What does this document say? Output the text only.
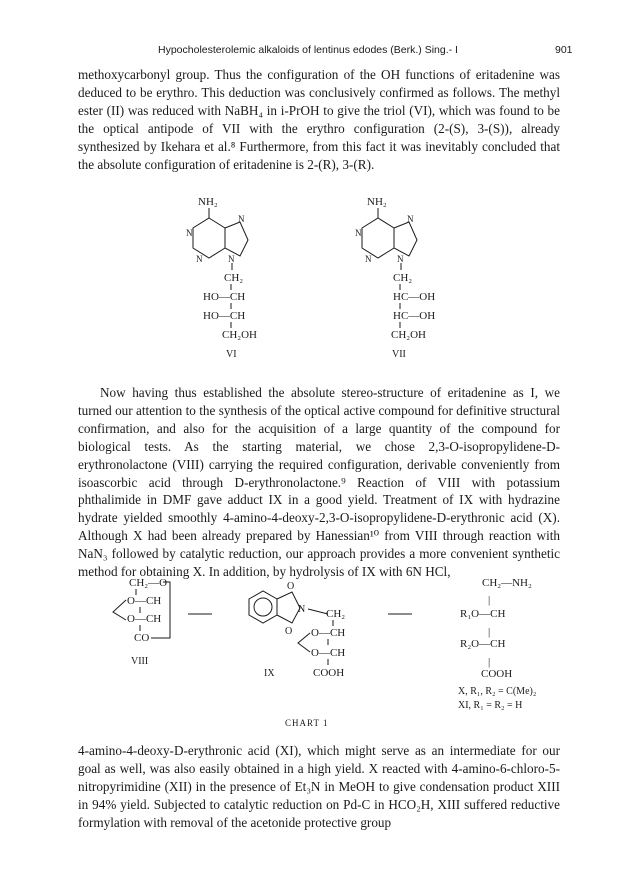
Hypocholesterolemic alkaloids of lentinus edodes (Berk.) Sing.- I	901

methoxycarbonyl group. Thus the configuration of the OH functions of eritadenine was deduced to be erythro. This deduction was conclusively confirmed as follows. The methyl ester (II) was reduced with NaBH₄ in i-PrOH to give the triol (VI), which was found to be the optical antipode of VII with the erythro configuration (2-(S), 3-(S)), already synthesized by Ikehara et al.⁸ Furthermore, from this fact it was inevitably concluded that the absolute configuration of eritadenine is 2-(R), 3-(R).

NH₂
N
N
N
N
CH₂
HO—CH
HO—CH
CH₂OH
VI
NH₂
N
N
N
N
CH₂
HC—OH
HC—OH
CH₂OH
VII
CH₂—O
O—CH
O—CH
CO
VIII
O
O
N CH₂
O—CH
O—CH
COOH
IX
CH₂—NH₂
|
R₁O—CH
|
R₂O—CH
|
COOH
X, R₁, R₂ = C(Me)₂
XI, R₁ = R₂ = H

Now having thus established the absolute stereo-structure of eritadenine as I, we turned our attention to the synthesis of the optical active compound for definitive structural confirmation, and also for the acquisition of a large quantity of the compound for biological tests. As the starting material, we chose 2,3-O-isopropylidene-D-erythronolactone (VIII) carrying the required configuration, derivable conveniently from isoascorbic acid through D-erythronolactone.⁹ Reaction of VIII with potassium phthalimide in DMF gave adduct IX in a good yield. Treatment of IX with hydrazine hydrate yielded smoothly 4-amino-4-deoxy-2,3-O-isopropylidene-D-erythronic acid (X). Although X had been already prepared by Hanessian¹⁰ from VIII through reaction with NaN₃ followed by catalytic reduction, our approach provides a more convenient synthetic method for obtaining X. In addition, by hydrolysis of IX with 6N HCl,

CHART 1

4-amino-4-deoxy-D-erythronic acid (XI), which might serve as an intermediate for our goal as well, was also easily obtained in a high yield. X reacted with 4-amino-6-chloro-5-nitropyrimidine (XII) in the presence of Et₃N in MeOH to give condensation product XIII in 94% yield. Subjected to catalytic reduction on Pd-C in HCO₂H, XIII suffered reductive formylation with removal of the acetonide protective group
